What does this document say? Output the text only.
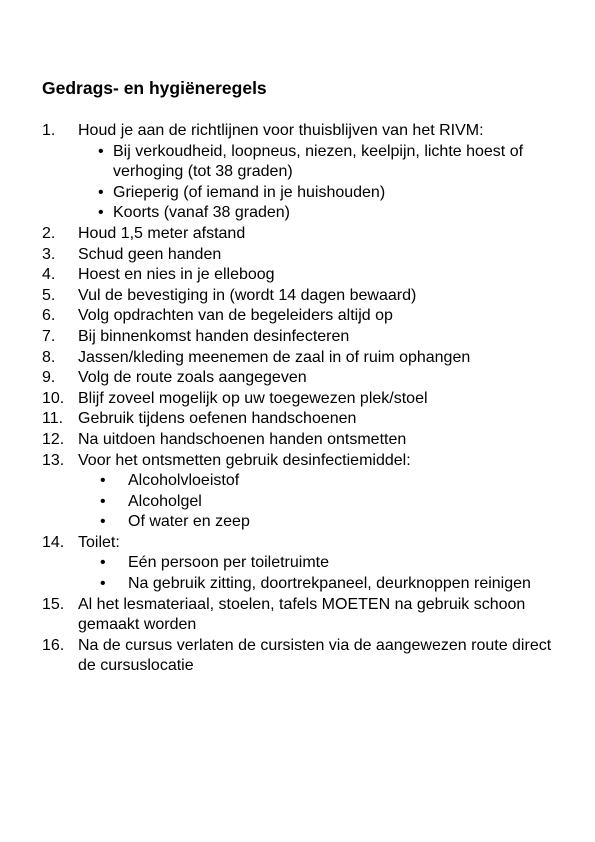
Gedrags- en hygiëneregels
1. Houd je aan de richtlijnen voor thuisblijven van het RIVM:
• Bij verkoudheid, loopneus, niezen, keelpijn, lichte hoest of verhoging (tot 38 graden)
• Grieperig (of iemand in je huishouden)
• Koorts (vanaf 38 graden)
2. Houd 1,5 meter afstand
3. Schud geen handen
4. Hoest en nies in je elleboog
5. Vul de bevestiging in (wordt 14 dagen bewaard)
6. Volg opdrachten van de begeleiders altijd op
7. Bij binnenkomst handen desinfecteren
8. Jassen/kleding meenemen de zaal in of ruim ophangen
9. Volg de route zoals aangegeven
10. Blijf zoveel mogelijk op uw toegewezen plek/stoel
11. Gebruik tijdens oefenen handschoenen
12. Na uitdoen handschoenen handen ontsmetten
13. Voor het ontsmetten gebruik desinfectiemiddel:
• Alcoholvloeistof
• Alcoholgel
• Of water en zeep
14. Toilet:
• Eén persoon per toiletruimte
• Na gebruik zitting, doortrekpaneel, deurknoppen reinigen
15. Al het lesmateriaal, stoelen, tafels MOETEN na gebruik schoon gemaakt worden
16. Na de cursus verlaten de cursisten via de aangewezen route direct de cursuslocatie
